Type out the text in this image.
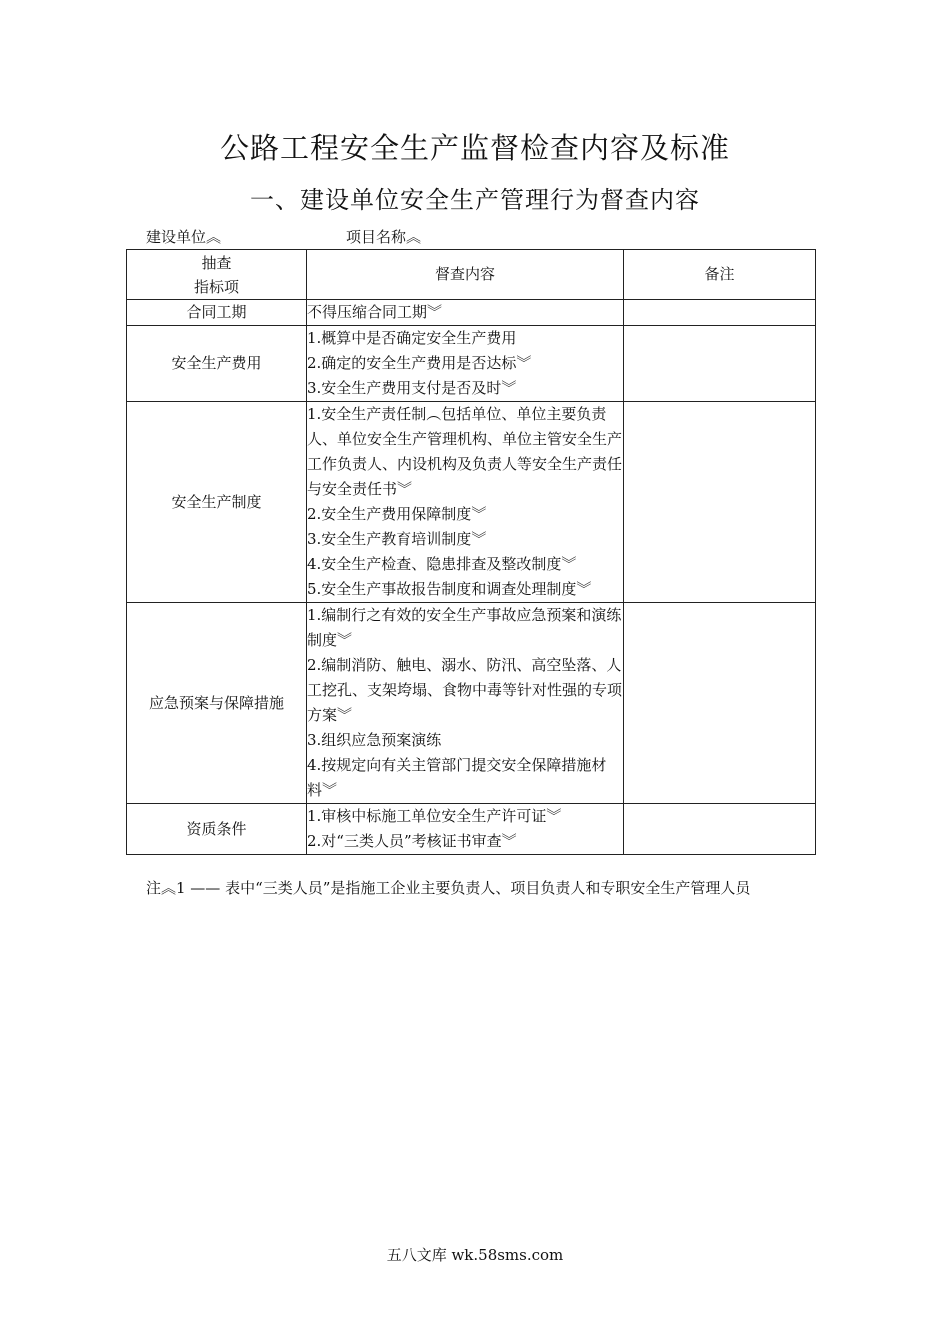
公路工程安全生产监督检查内容及标准
一、建设单位安全生产管理行为督查内容
建设单位︽	项目名称︽
抽查
指标项	督查内容	备注
合同工期	不得压缩合同工期︾	

安全生产费用	1.概算中是否确定安全生产费用

2.确定的安全生产费用是否达标︾

3.安全生产费用支付是否及时︾	

安全生产制度	1.安全生产责任制︵包括单位、单位主要负责人、单位安全生产管理机构、单位主管安全生产工作负责人、内设机构及负责人等安全生产责任与安全责任书︾

2.安全生产费用保障制度︾

3.安全生产教育培训制度︾

4.安全生产检查、隐患排查及整改制度︾

5.安全生产事故报告制度和调查处理制度︾	

应急预案与保障措施	1.编制行之有效的安全生产事故应急预案和演练制度︾

2.编制消防、触电、溺水、防汛、高空坠落、人工挖孔、支架垮塌、食物中毒等针对性强的专项方案︾

3.组织应急预案演练

4.按规定向有关主管部门提交安全保障措施材料︾	

资质条件	1.审核中标施工单位安全生产许可证︾

2.对“三类人员”考核证书审查︾	

注︽1 —— 表中“三类人员”是指施工企业主要负责人、项目负责人和专职安全生产管理人员
五八文库 wk.58sms.com
